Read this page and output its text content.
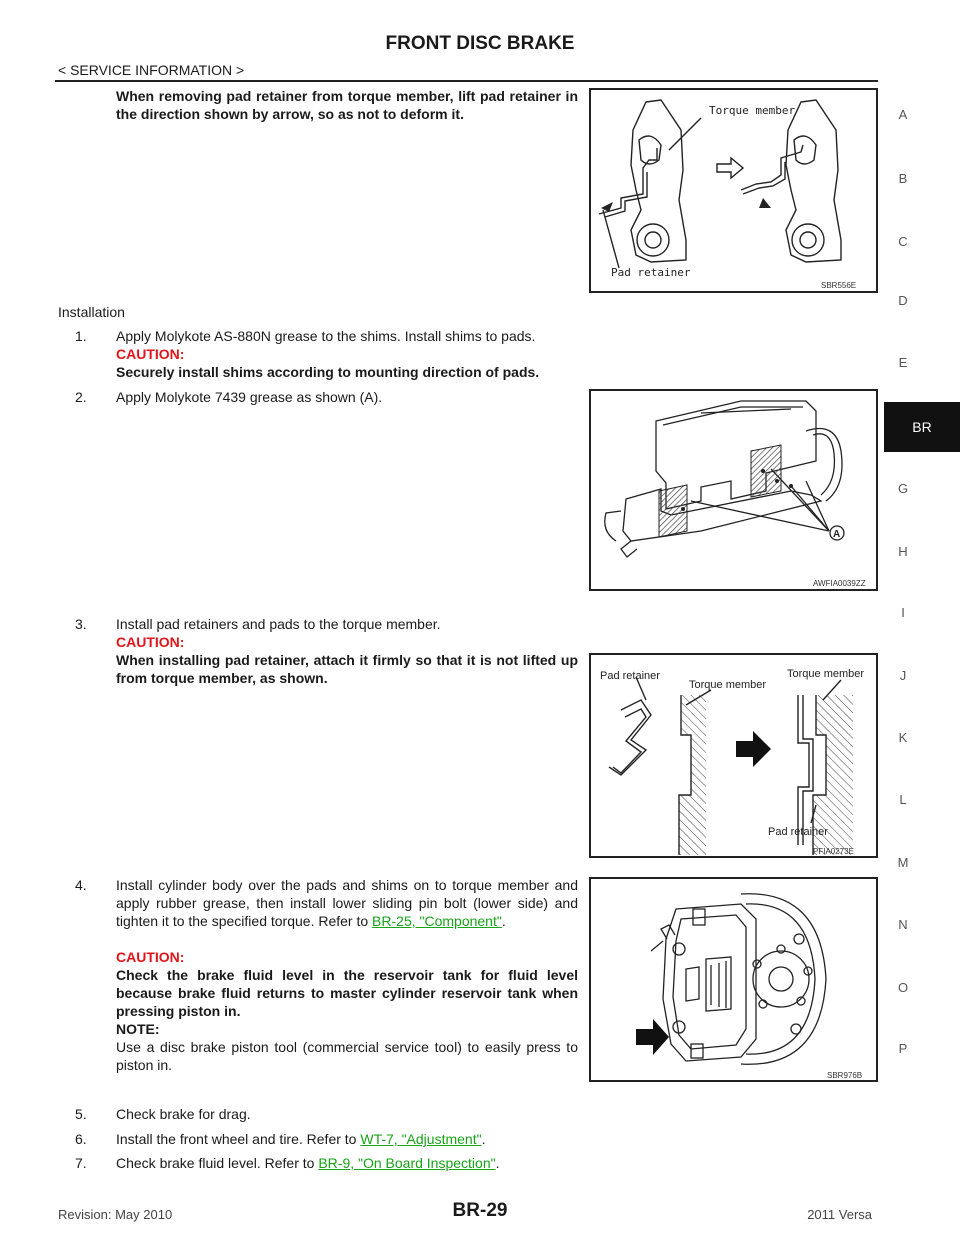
FRONT DISC BRAKE
< SERVICE INFORMATION >
A
B
C
D
E
BR
G
H
I
J
K
L
M
N
O
P
When removing pad retainer from torque member, lift pad retainer in the direction shown by arrow, so as not to deform it.	Torque member
Pad retainer
SBR556E
Installation
1. Apply Molykote AS-880N grease to the shims. Install shims to pads.
CAUTION:
Securely install shims according to mounting direction of pads.
2. Apply Molykote 7439 grease as shown (A).
A
AWFIA0039ZZ
3. Install pad retainers and pads to the torque member.
CAUTION:
When installing pad retainer, attach it firmly so that it is not lifted up from torque member, as shown.	Pad retainer
Torque member
Torque member
Pad retainer
PFIA0273E
4. Install cylinder body over the pads and shims on to torque member and apply rubber grease, then install lower sliding pin bolt (lower side) and tighten it to the specified torque. Refer to BR-25, "Component".
CAUTION:
Check the brake fluid level in the reservoir tank for fluid level because brake fluid returns to master cylinder reservoir tank when pressing piston in.
NOTE:
Use a disc brake piston tool (commercial service tool) to easily press to piston in.
SBR976B
5. Check brake for drag.
6. Install the front wheel and tire. Refer to WT-7, "Adjustment".
7. Check brake fluid level. Refer to BR-9, "On Board Inspection".
Revision: May 2010	BR-29	2011 Versa
